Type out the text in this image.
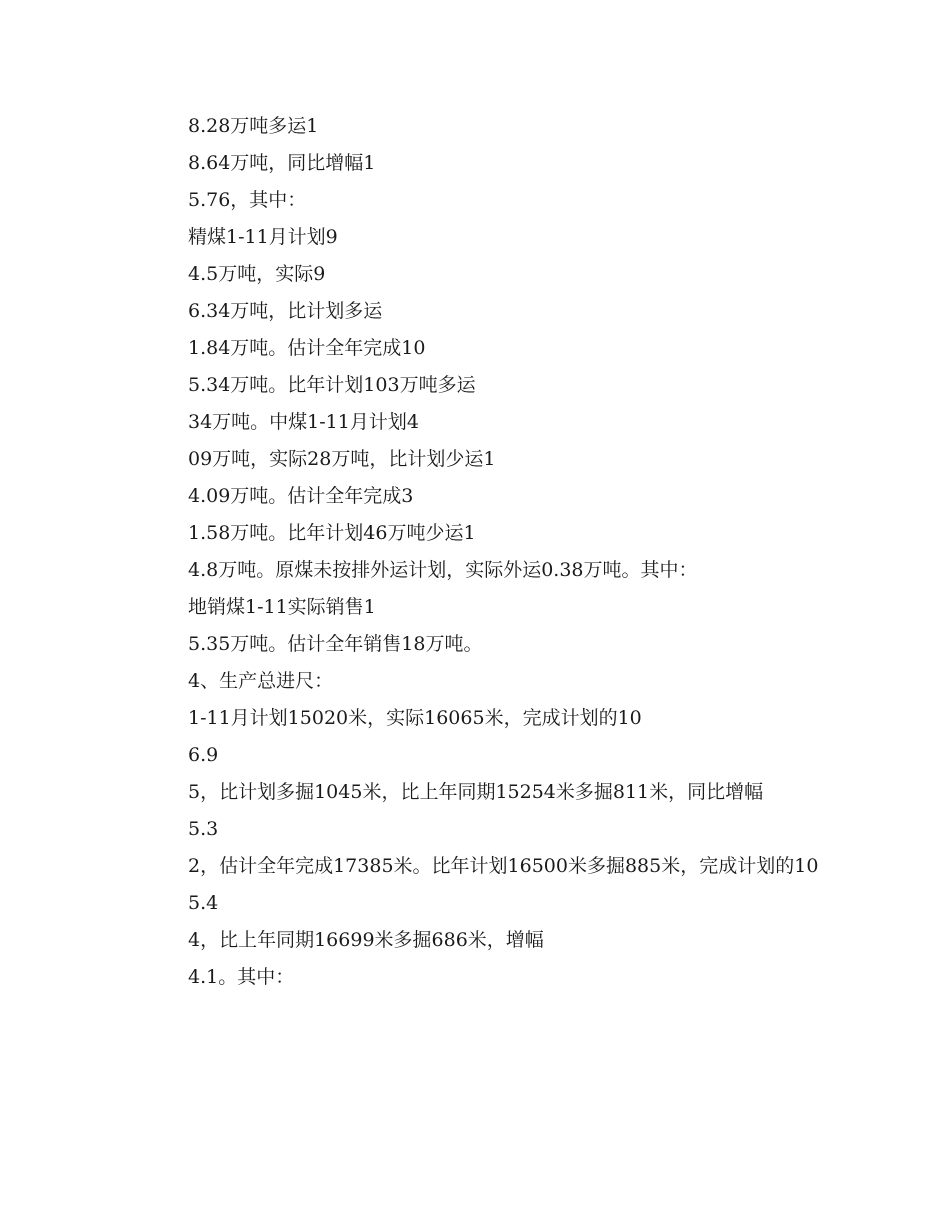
8.28万吨多运1

8.64万吨，同比增幅1

5.76，其中：

精煤1-11月计划9

4.5万吨，实际9

6.34万吨，比计划多运

1.84万吨。估计全年完成10

5.34万吨。比年计划103万吨多运

34万吨。中煤1-11月计划4

09万吨，实际28万吨，比计划少运1

4.09万吨。估计全年完成3

1.58万吨。比年计划46万吨少运1

4.8万吨。原煤未按排外运计划，实际外运0.38万吨。其中：

地销煤1-11实际销售1

5.35万吨。估计全年销售18万吨。

4、生产总进尺：

1-11月计划15020米，实际16065米，完成计划的10

6.9

5，比计划多掘1045米，比上年同期15254米多掘811米，同比增幅

5.3

2，估计全年完成17385米。比年计划16500米多掘885米，完成计划的10

5.4

4，比上年同期16699米多掘686米，增幅

4.1。其中：
